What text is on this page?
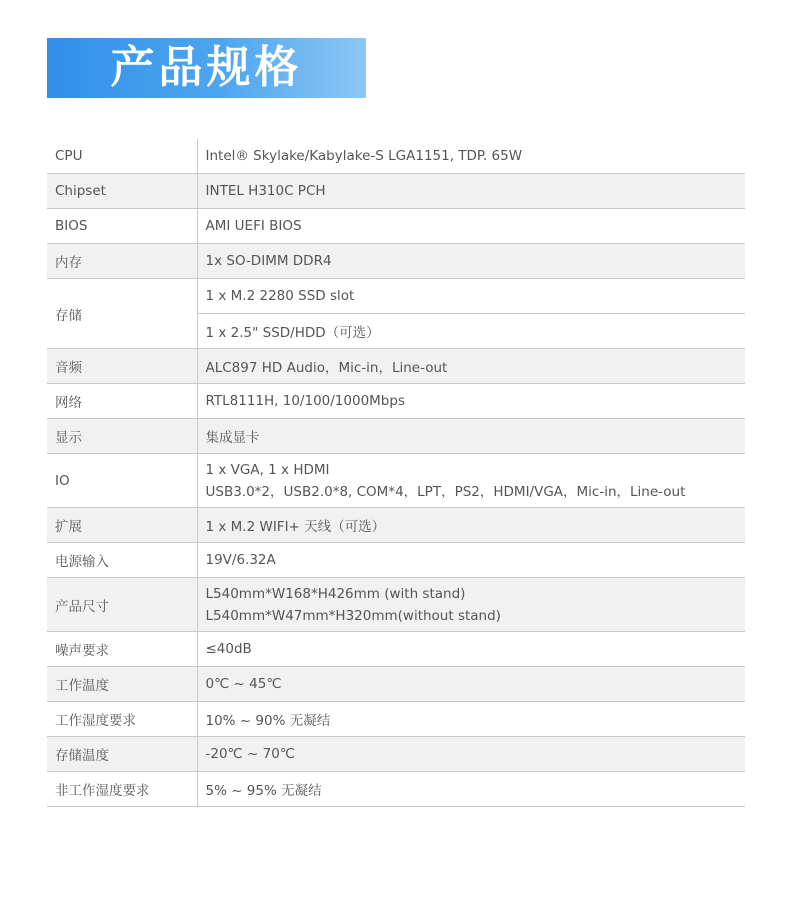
产品规格
CPU	Intel® Skylake/Kabylake-S LGA1151, TDP. 65W
Chipset	INTEL H310C PCH
BIOS	AMI UEFI BIOS
内存	1x SO-DIMM DDR4
存储	1 x M.2 2280 SSD slot
	1 x 2.5" SSD/HDD（可选）
音频	ALC897 HD Audio，Mic-in，Line-out
网络	RTL8111H, 10/100/1000Mbps
显示	集成显卡
IO	1 x VGA, 1 x HDMI
USB3.0*2，USB2.0*8, COM*4，LPT，PS2，HDMI/VGA，Mic-in，Line-out

扩展	1 x M.2 WIFI+ 天线（可选）
电源输入	19V/6.32A
产品尺寸	L540mm*W168*H426mm (with stand)
L540mm*W47mm*H320mm(without stand)

噪声要求	≤40dB
工作温度	0℃ ~ 45℃
工作湿度要求	10% ~ 90% 无凝结
存储温度	-20℃ ~ 70℃
非工作湿度要求	5% ~ 95% 无凝结
